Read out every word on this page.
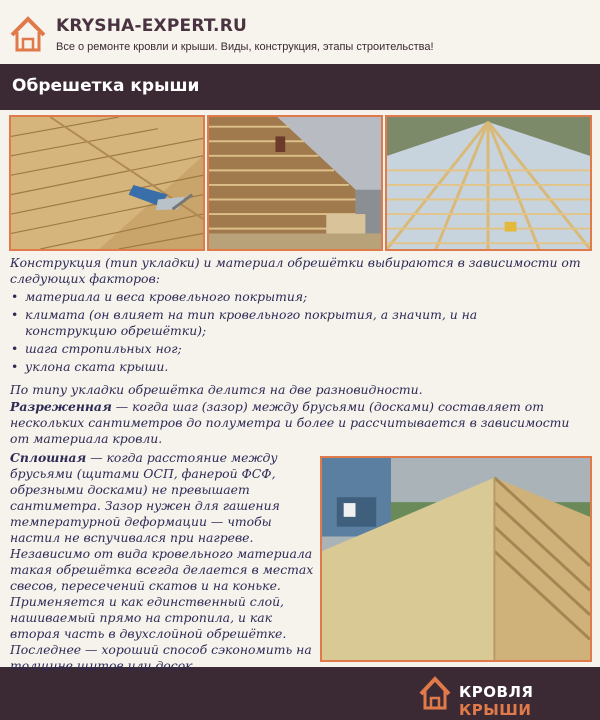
KRYSHA-EXPERT.RU
Все о ремонте кровли и крыши. Виды, конструкция, этапы строительства!
Обрешетка крыши
Конструкция (тип укладки) и материал обрешётки выбираются в зависимости от следующих факторов:
• материала и веса кровельного покрытия;
• климата (он влияет на тип кровельного покрытия, а значит, и на конструкцию обрешётки);
• шага стропильных ног;
• уклона ската крыши.
По типу укладки обрешётка делится на две разновидности.
Разреженная — когда шаг (зазор) между брусьями (досками) составляет от нескольких сантиметров до полуметра и более и рассчитывается в зависимости от материала кровли.
Сплошная — когда расстояние между брусьями (щитами ОСП, фанерой ФСФ, обрезными досками) не превышает сантиметра. Зазор нужен для гашения температурной деформации — чтобы настил не вспучивался при нагреве. Независимо от вида кровельного материала такая обрешётка всегда делается в местах свесов, пересечений скатов и на коньке. Применяется и как единственный слой, нашиваемый прямо на стропила, и как вторая часть в двухслойной обрешётке. Последнее — хороший способ сэкономить на толщине щитов или досок.
КРОВЛЯ КРЫШИ
